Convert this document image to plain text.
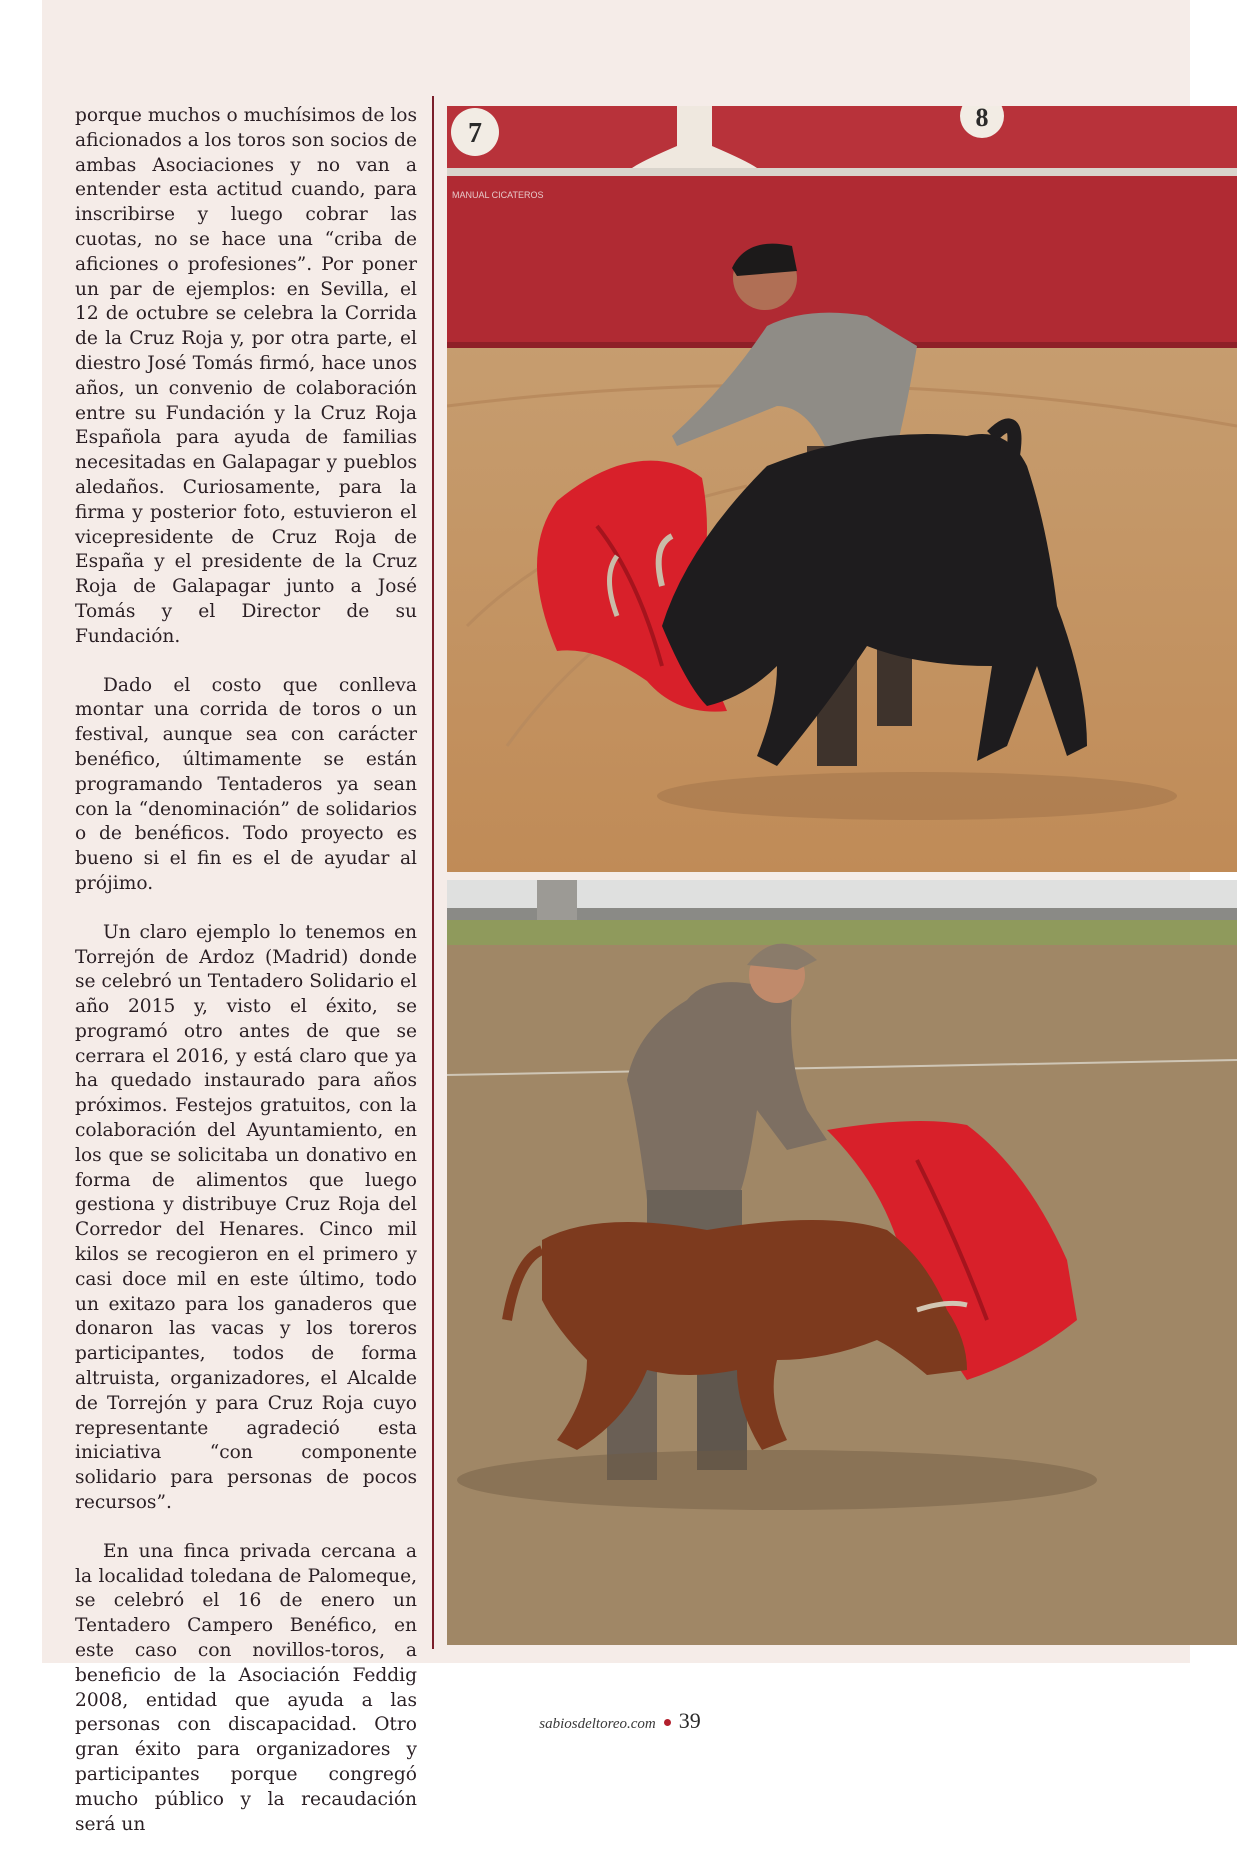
porque muchos o muchísimos de los aficionados a los toros son socios de ambas Asociaciones y no van a entender esta actitud cuando, para inscribirse y luego cobrar las cuotas, no se hace una “criba de aficiones o profesiones”. Por poner un par de ejemplos: en Sevilla, el 12 de octubre se celebra la Corrida de la Cruz Roja y, por otra parte, el diestro José Tomás firmó, hace unos años, un convenio de colaboración entre su Fundación y la Cruz Roja Española para ayuda de familias necesitadas en Galapagar y pueblos aledaños. Curiosamente, para la firma y posterior foto, estuvieron el vicepresidente de Cruz Roja de España y el presidente de la Cruz Roja de Galapagar junto a José Tomás y el Director de su Fundación.

Dado el costo que conlleva montar una corrida de toros o un festival, aunque sea con carácter benéfico, últimamente se están programando Tentaderos ya sean con la “denominación” de solidarios o de benéficos. Todo proyecto es bueno si el fin es el de ayudar al prójimo.

Un claro ejemplo lo tenemos en Torrejón de Ardoz (Madrid) donde se celebró un Tentadero Solidario el año 2015 y, visto el éxito, se programó otro antes de que se cerrara el 2016, y está claro que ya ha quedado instaurado para años próximos. Festejos gratuitos, con la colaboración del Ayuntamiento, en los que se solicitaba un donativo en forma de alimentos que luego gestiona y distribuye Cruz Roja del Corredor del Henares. Cinco mil kilos se recogieron en el primero y casi doce mil en este último, todo un exitazo para los ganaderos que donaron las vacas y los toreros participantes, todos de forma altruista, organizadores, el Alcalde de Torrejón y para Cruz Roja cuyo representante agradeció esta iniciativa “con componente solidario para personas de pocos recursos”.

En una finca privada cercana a la localidad toledana de Palomeque, se celebró el 16 de enero un Tentadero Campero Benéfico, en este caso con novillos-toros, a beneficio de la Asociación Feddig 2008, entidad que ayuda a las personas con discapacidad. Otro gran éxito para organizadores y participantes porque congregó mucho público y la recaudación será un

7
8
MANUAL CICATEROS
sabiosdeltoreo.com 39
